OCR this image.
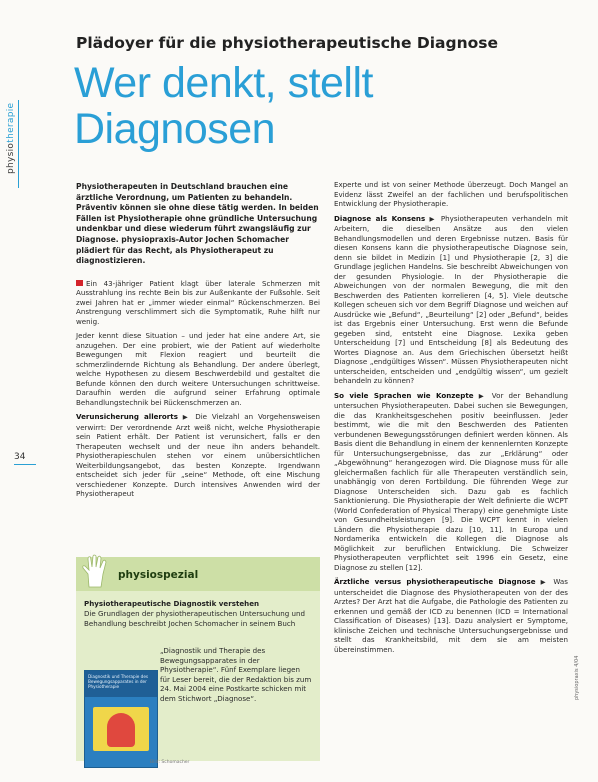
physiotherapie
Plädoyer für die physiotherapeutische Diagnose
Wer denkt, stellt
Diagnosen
34

Physiotherapeuten in Deutschland brauchen eine ärztliche Verordnung, um Patienten zu behandeln. Präventiv können sie ohne diese tätig werden. In beiden Fällen ist Physiotherapie ohne gründliche Untersuchung undenkbar und diese wiederum führt zwangsläufig zur Diagnose. physiopraxis-Autor Jochen Schomacher plädiert für das Recht, als Physiotherapeut zu diagnostizieren.

Ein 43-jähriger Patient klagt über laterale Schmerzen mit Ausstrahlung ins rechte Bein bis zur Außenkante der Fußsohle. Seit zwei Jahren hat er „immer wieder einmal“ Rückenschmerzen. Bei Anstrengung verschlimmert sich die Symptomatik, Ruhe hilft nur wenig.

Jeder kennt diese Situation – und jeder hat eine andere Art, sie anzugehen. Der eine probiert, wie der Patient auf wiederholte Bewegungen mit Flexion reagiert und beurteilt die schmerzlindernde Richtung als Behandlung. Der andere überlegt, welche Hypothesen zu diesem Beschwerdebild und gestaltet die Befunde können den durch weitere Untersuchungen schrittweise. Daraufhin werden die aufgrund seiner Erfahrung optimale Behandlungstechnik bei Rückenschmerzen an.

Verunsicherung allerorts ▶ Die Vielzahl an Vorgehensweisen verwirrt: Der verordnende Arzt weiß nicht, welche Physiotherapie sein Patient erhält. Der Patient ist verunsichert, falls er den Therapeuten wechselt und der neue ihn anders behandelt. Physiotherapieschulen stehen vor einem unübersichtlichen Weiterbildungsangebot, das besten Konzepte. Irgendwann entscheidet sich jeder für „seine“ Methode, oft eine Mischung verschiedener Konzepte. Durch intensives Anwenden wird der Physiotherapeut

Experte und ist von seiner Methode überzeugt. Doch Mangel an Evidenz lässt Zweifel an der fachlichen und berufspolitischen Entwicklung der Physiotherapie.

Diagnose als Konsens ▶ Physiotherapeuten verhandeln mit Arbeitern, die dieselben Ansätze aus den vielen Behandlungsmodellen und deren Ergebnisse nutzen. Basis für diesen Konsens kann die physiotherapeutische Diagnose sein, denn sie bildet in Medizin [1] und Physiotherapie [2, 3] die Grundlage jeglichen Handelns. Sie beschreibt Abweichungen von der gesunden Physiologie. In der Physiotherapie die Abweichungen von der normalen Bewegung, die mit den Beschwerden des Patienten korrelieren [4, 5]. Viele deutsche Kollegen scheuen sich vor dem Begriff Diagnose und weichen auf Ausdrücke wie „Befund“, „Beurteilung“ [2] oder „Befund“, beides ist das Ergebnis einer Untersuchung. Erst wenn die Befunde gegeben sind, entsteht eine Diagnose. Lexika geben Unterscheidung [7] und Entscheidung [8] als Bedeutung des Wortes Diagnose an. Aus dem Griechischen übersetzt heißt Diagnose „endgültiges Wissen“. Müssen Physiotherapeuten nicht unterscheiden, entscheiden und „endgültig wissen“, um gezielt behandeln zu können?

So viele Sprachen wie Konzepte ▶ Vor der Behandlung untersuchen Physiotherapeuten. Dabei suchen sie Bewegungen, die das Krankheitsgeschehen positiv beeinflussen. Jeder bestimmt, wie die mit den Beschwerden des Patienten verbundenen Bewegungsstörungen definiert werden können. Als Basis dient die Behandlung in einem der kennenlernten Konzepte für Untersuchungsergebnisse, das zur „Erklärung“ oder „Abgewöhnung“ herangezogen wird. Die Diagnose muss für alle gleichermaßen fachlich für alle Therapeuten verständlich sein, unabhängig von deren Fortbildung. Die führenden Wege zur Diagnose Unterscheiden sich. Dazu gab es fachlich Sanktionierung. Die Physiotherapie der Welt definierte die WCPT (World Confederation of Physical Therapy) eine genehmigte Liste von Gesundheitsleistungen [9]. Die WCPT kennt in vielen Ländern die Physiotherapie dazu [10, 11]. In Europa und Nordamerika entwickeln die Kollegen die Diagnose als Möglichkeit zur beruflichen Entwicklung. Die Schweizer Physiotherapeuten verpflichtet seit 1996 ein Gesetz, eine Diagnose zu stellen [12].

Ärztliche versus physiotherapeutische Diagnose ▶ Was unterscheidet die Diagnose des Physiotherapeuten von der des Arztes? Der Arzt hat die Aufgabe, die Pathologie des Patienten zu erkennen und gemäß der ICD zu benennen (ICD = International Classification of Diseases) [13]. Dazu analysiert er Symptome, klinische Zeichen und technische Untersuchungsergebnisse und stellt das Krankheitsbild, mit dem sie am meisten übereinstimmen.

physiospezial
Physiotherapeutische Diagnostik verstehen
Die Grundlagen der physiotherapeutischen Untersuchung und Behandlung beschreibt Jochen Schomacher in seinem Buch
„Diagnostik und Therapie des Bewegungsapparates in der Physiotherapie“. Fünf Exemplare liegen für Leser bereit, die der Redaktion bis zum 24. Mai 2004 eine Postkarte schicken mit dem Stichwort „Diagnose“.
Diagnostik und Therapie des Bewegungsapparates in der Physiotherapie
Bild: Schomacher
physiopraxis 4/04
